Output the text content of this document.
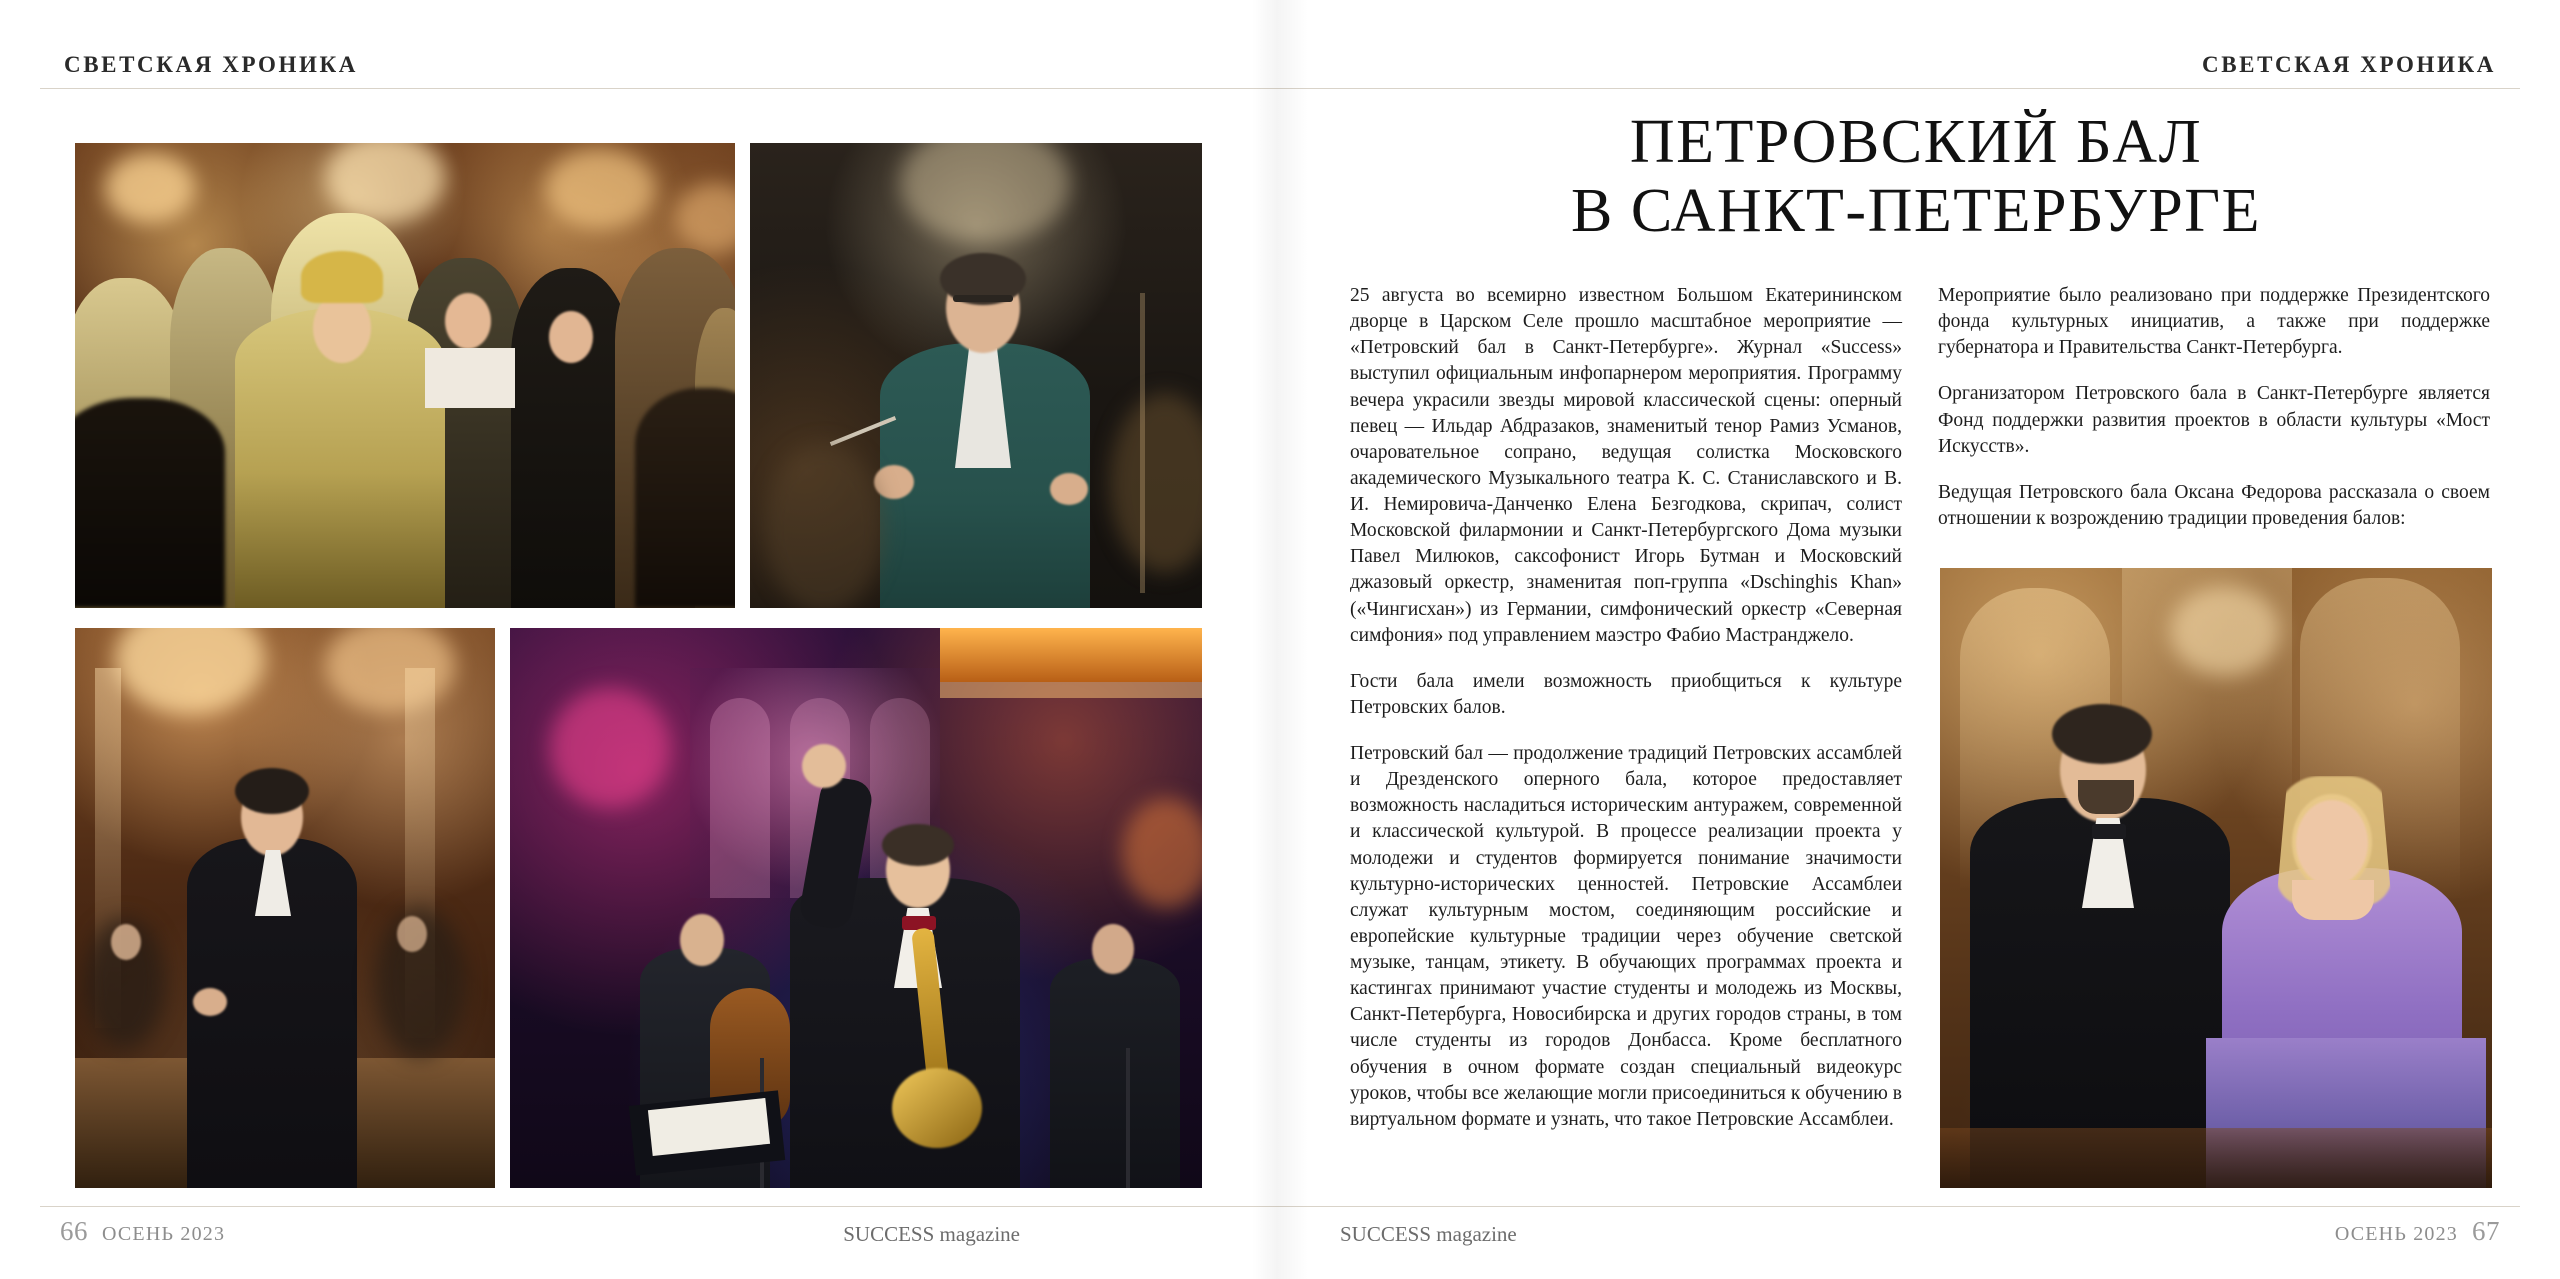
СВЕТСКАЯ ХРОНИКА
66 ОСЕНЬ 2023	SUCCESS magazine
СВЕТСКАЯ ХРОНИКА
ПЕТРОВСКИЙ БАЛ
В САНКТ-ПЕТЕРБУРГЕ

25 августа во всемирно известном Большом Екатерининском дворце в Царском Селе прошло масштабное мероприятие — «Петровский бал в Санкт-Петербурге». Журнал «Success» выступил официальным инфопарнером мероприятия. Программу вечера украсили звезды мировой классической сцены: оперный певец — Ильдар Абдразаков, знаменитый тенор Рамиз Усманов, очаровательное сопрано, ведущая солистка Московского академического Музыкального театра К. С. Станиславского и В. И. Немировича-Данченко Елена Безгодкова, скрипач, солист Московской филармонии и Санкт-Петербургского Дома музыки Павел Милюков, саксофонист Игорь Бутман и Московский джазовый оркестр, знаменитая поп-группа «Dschinghis Khan» («Чингисхан») из Германии, симфонический оркестр «Северная симфония» под управлением маэстро Фабио Мастранджело.

Гости бала имели возможность приобщиться к культуре Петровских балов.

Петровский бал — продолжение традиций Петровских ассамблей и Дрезденского оперного бала, которое предоставляет возможность насладиться историческим антуражем, современной и классической культурой. В процессе реализации проекта у молодежи и студентов формируется понимание значимости культурно-исторических ценностей. Петровские Ассамблеи служат культурным мостом, соединяющим российские и европейские культурные традиции через обучение светской музыке, танцам, этикету. В обучающих программах проекта и кастингах принимают участие студенты и молодежь из Москвы, Санкт-Петербурга, Новосибирска и других городов страны, в том числе студенты из городов Донбасса. Кроме бесплатного обучения в очном формате создан специальный видеокурс уроков, чтобы все желающие могли присоединиться к обучению в виртуальном формате и узнать, что такое Петровские Ассамблеи.

Мероприятие было реализовано при поддержке Президентского фонда культурных инициатив, а также при поддержке губернатора и Правительства Санкт-Петербурга.

Организатором Петровского бала в Санкт-Петербурге является Фонд поддержки развития проектов в области культуры «Мост Искусств».

Ведущая Петровского бала Оксана Федорова рассказала о своем отношении к возрождению традиции проведения балов:

SUCCESS magazine	ОСЕНЬ 2023 67
